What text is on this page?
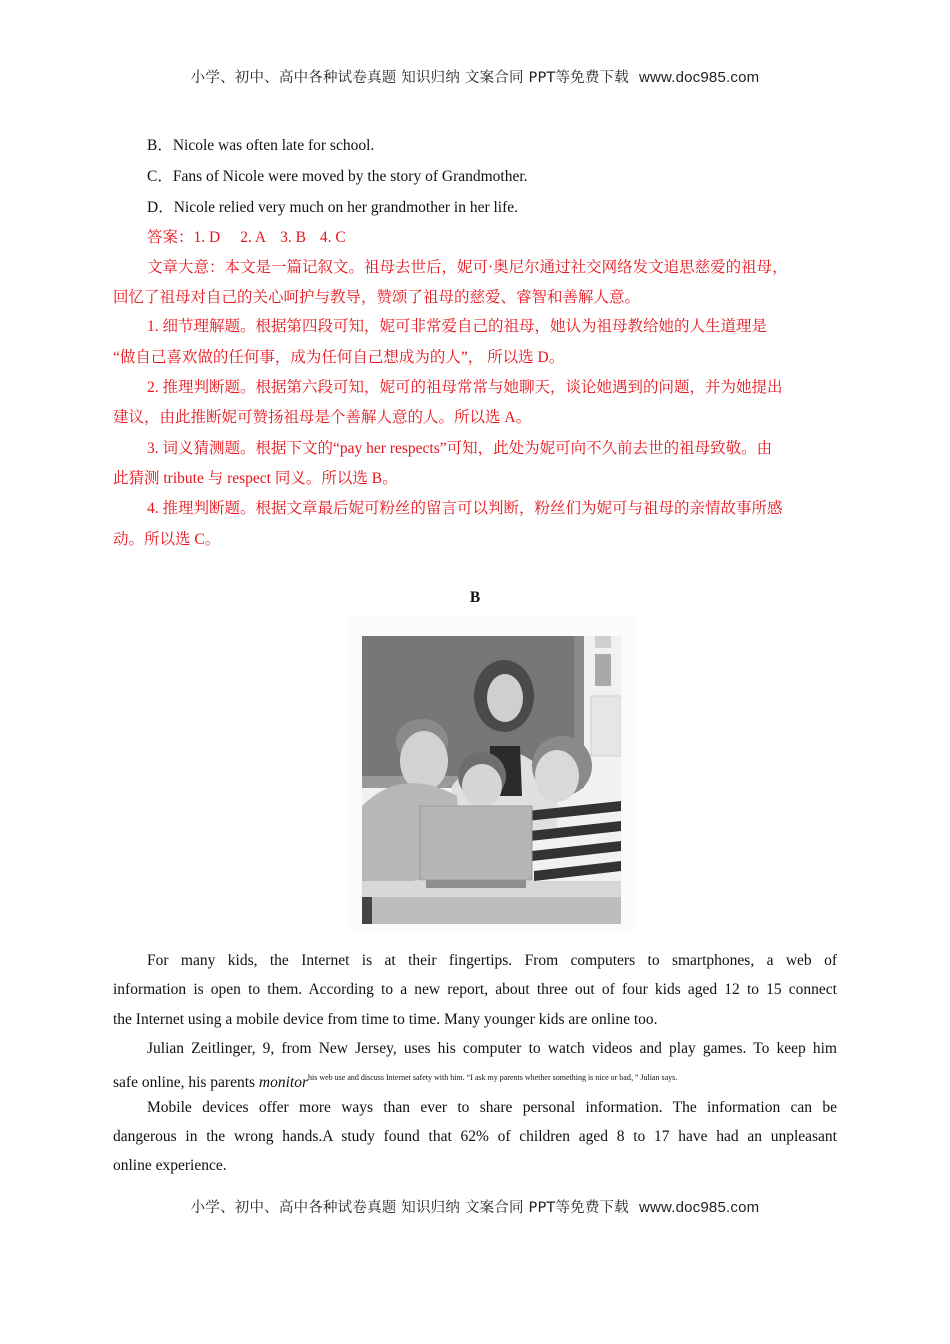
小学、初中、高中各种试卷真题 知识归纳 文案合同 PPT等免费下载 www.doc985.com
B．Nicole was often late for school.
C．Fans of Nicole were moved by the story of Grandmother.
D．Nicole relied very much on her grandmother in her life.
答案：1. D 2. A 3. B 4. C
文章大意：本文是一篇记叙文。祖母去世后，妮可·奥尼尔通过社交网络发文追思慈爱的祖母，
回忆了祖母对自己的关心呵护与教导，赞颂了祖母的慈爱、睿智和善解人意。
1. 细节理解题。根据第四段可知，妮可非常爱自己的祖母，她认为祖母教给她的人生道理是
“做自己喜欢做的任何事，成为任何自己想成为的人”， 所以选 D。
2. 推理判断题。根据第六段可知，妮可的祖母常常与她聊天，谈论她遇到的问题，并为她提出
建议，由此推断妮可赞扬祖母是个善解人意的人。所以选 A。
3. 词义猜测题。根据下文的“pay her respects”可知，此处为妮可向不久前去世的祖母致敬。由
此猜测 tribute 与 respect 同义。所以选 B。
4. 推理判断题。根据文章最后妮可粉丝的留言可以判断，粉丝们为妮可与祖母的亲情故事所感
动。所以选 C。
B
For many kids, the Internet is at their fingertips. From computers to smartphones, a web of
information is open to them. According to a new report, about three out of four kids aged 12 to 15 connect
the Internet using a mobile device from time to time. Many younger kids are online too.
Julian Zeitlinger, 9, from New Jersey, uses his computer to watch videos and play games. To keep him
safe online, his parents monitor$^{his web use and discuss Internet safety with him. “I ask my parents whether something is nice or bad,” Julian says.}$
Mobile devices offer more ways than ever to share personal information. The information can be
dangerous in the wrong hands.A study found that 62% of children aged 8 to 17 have had an unpleasant
online experience.
小学、初中、高中各种试卷真题 知识归纳 文案合同 PPT等免费下载 www.doc985.com
